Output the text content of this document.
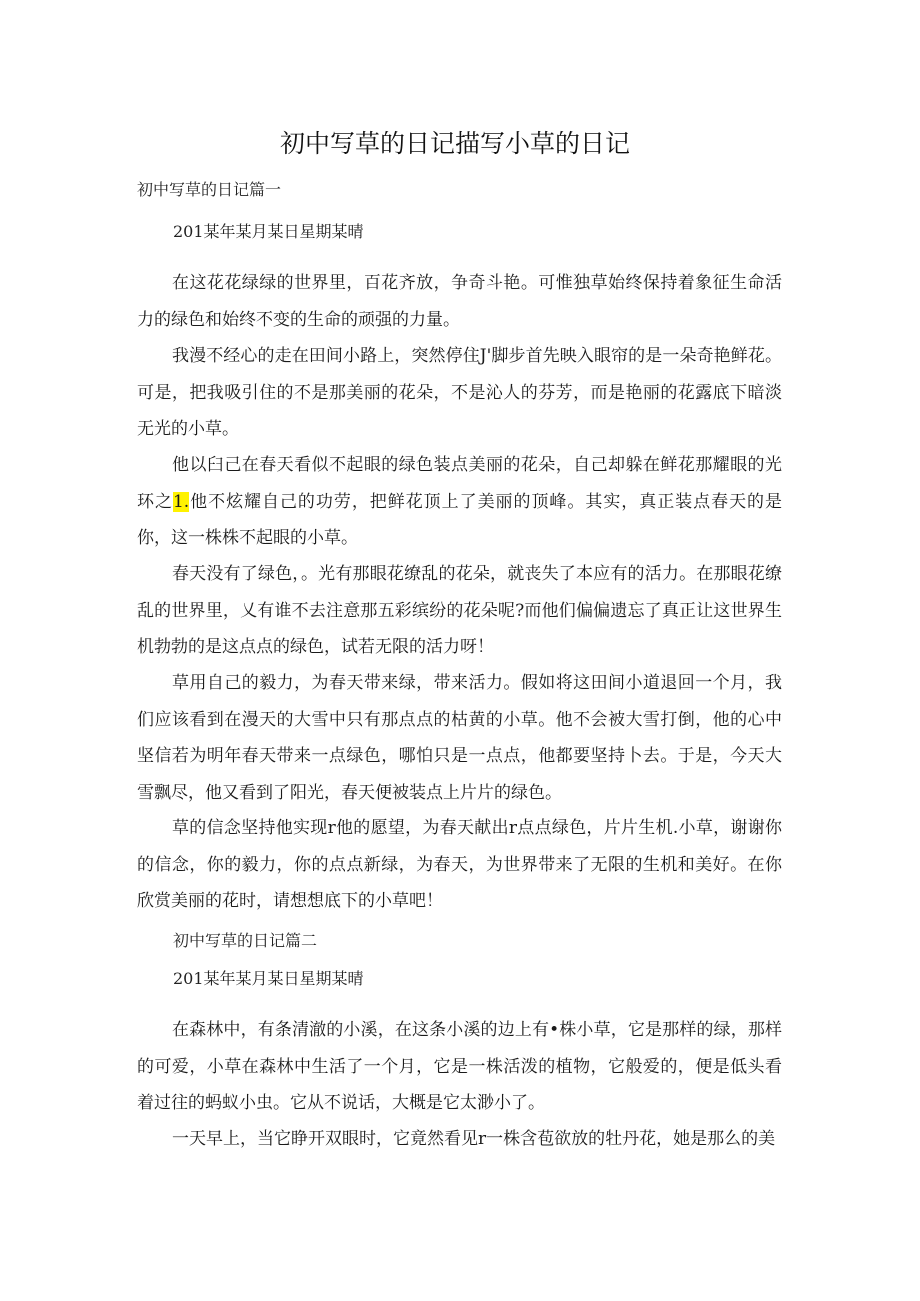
初中写草的日记描写小草的日记
初中写草的日记篇一
201某年某月某日星期某晴

在这花花绿绿的世界里，百花齐放，争奇斗艳。可惟独草始终保持着象征生命活力的绿色和始终不变的生命的顽强的力量。

我漫不经心的走在田间小路上，突然停住J'脚步首先映入眼帘的是一朵奇艳鲜花。可是，把我吸引住的不是那美丽的花朵，不是沁人的芬芳，而是艳丽的花露底下暗淡无光的小草。

他以臼己在春天看似不起眼的绿色装点美丽的花朵，自己却躲在鲜花那耀眼的光环之1.他不炫耀自己的功劳，把鲜花顶上了美丽的顶峰。其实，真正装点春天的是你，这一株株不起眼的小草。

春天没有了绿色，。光有那眼花缭乱的花朵，就丧失了本应有的活力。在那眼花缭乱的世界里，乂有谁不去注意那五彩缤纷的花朵呢?而他们偏偏遗忘了真正让这世界生机勃勃的是这点点的绿色，试若无限的活力呀！

草用自己的毅力，为春天带来绿，带来活力。假如将这田间小道退回一个月，我们应该看到在漫天的大雪中只有那点点的枯黄的小草。他不会被大雪打倒，他的心中坚信若为明年春天带来一点绿色，哪怕只是一点点，他都要坚持卜去。于是，今天大雪飘尽，他又看到了阳光，春天便被装点上片片的绿色。

草的信念坚持他实现r他的愿望，为春天献出r点点绿色，片片生机.小草，谢谢你的信念，你的毅力，你的点点新绿，为春天，为世界带来了无限的生机和美好。在你欣赏美丽的花时，请想想底下的小草吧！

初中写草的日记篇二
201某年某月某日星期某晴

在森林中，有条清澈的小溪，在这条小溪的边上有•株小草，它是那样的绿，那样的可爱，小草在森林中生活了一个月，它是一株活泼的植物，它般爱的，便是低头看着过往的蚂蚁小虫。它从不说话，大概是它太渺小了。

一天早上，当它睁开双眼时，它竟然看见r一株含苞欲放的牡丹花，她是那么的美
